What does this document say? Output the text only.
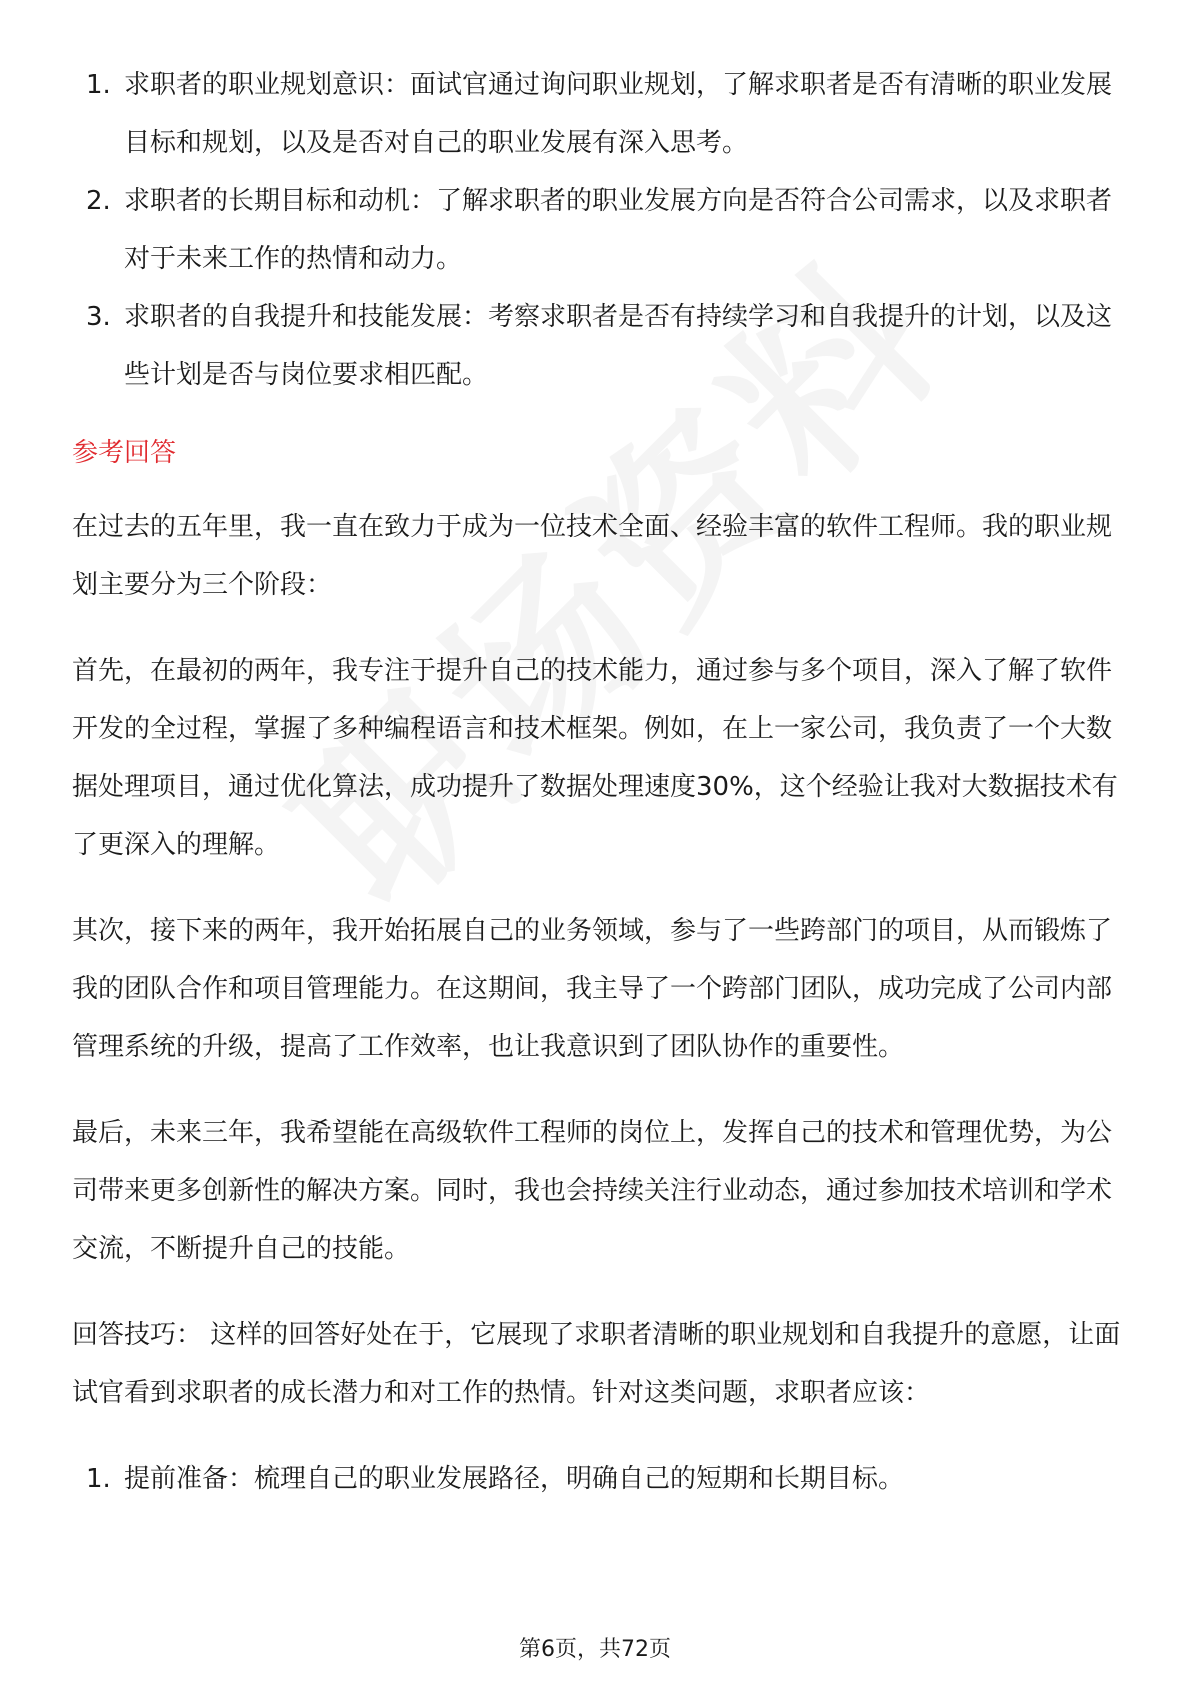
1. 求职者的职业规划意识：面试官通过询问职业规划，了解求职者是否有清晰的职业发展目标和规划，以及是否对自己的职业发展有深入思考。
2. 求职者的长期目标和动机：了解求职者的职业发展方向是否符合公司需求，以及求职者对于未来工作的热情和动力。
3. 求职者的自我提升和技能发展：考察求职者是否有持续学习和自我提升的计划，以及这些计划是否与岗位要求相匹配。
参考回答

在过去的五年里，我一直在致力于成为一位技术全面、经验丰富的软件工程师。我的职业规划主要分为三个阶段：

首先，在最初的两年，我专注于提升自己的技术能力，通过参与多个项目，深入了解了软件开发的全过程，掌握了多种编程语言和技术框架。例如，在上一家公司，我负责了一个大数据处理项目，通过优化算法，成功提升了数据处理速度30%，这个经验让我对大数据技术有了更深入的理解。

其次，接下来的两年，我开始拓展自己的业务领域，参与了一些跨部门的项目，从而锻炼了我的团队合作和项目管理能力。在这期间，我主导了一个跨部门团队，成功完成了公司内部管理系统的升级，提高了工作效率，也让我意识到了团队协作的重要性。

最后，未来三年，我希望能在高级软件工程师的岗位上，发挥自己的技术和管理优势，为公司带来更多创新性的解决方案。同时，我也会持续关注行业动态，通过参加技术培训和学术交流，不断提升自己的技能。

回答技巧： 这样的回答好处在于，它展现了求职者清晰的职业规划和自我提升的意愿，让面试官看到求职者的成长潜力和对工作的热情。针对这类问题，求职者应该：

1. 提前准备：梳理自己的职业发展路径，明确自己的短期和长期目标。
第6页，共72页
